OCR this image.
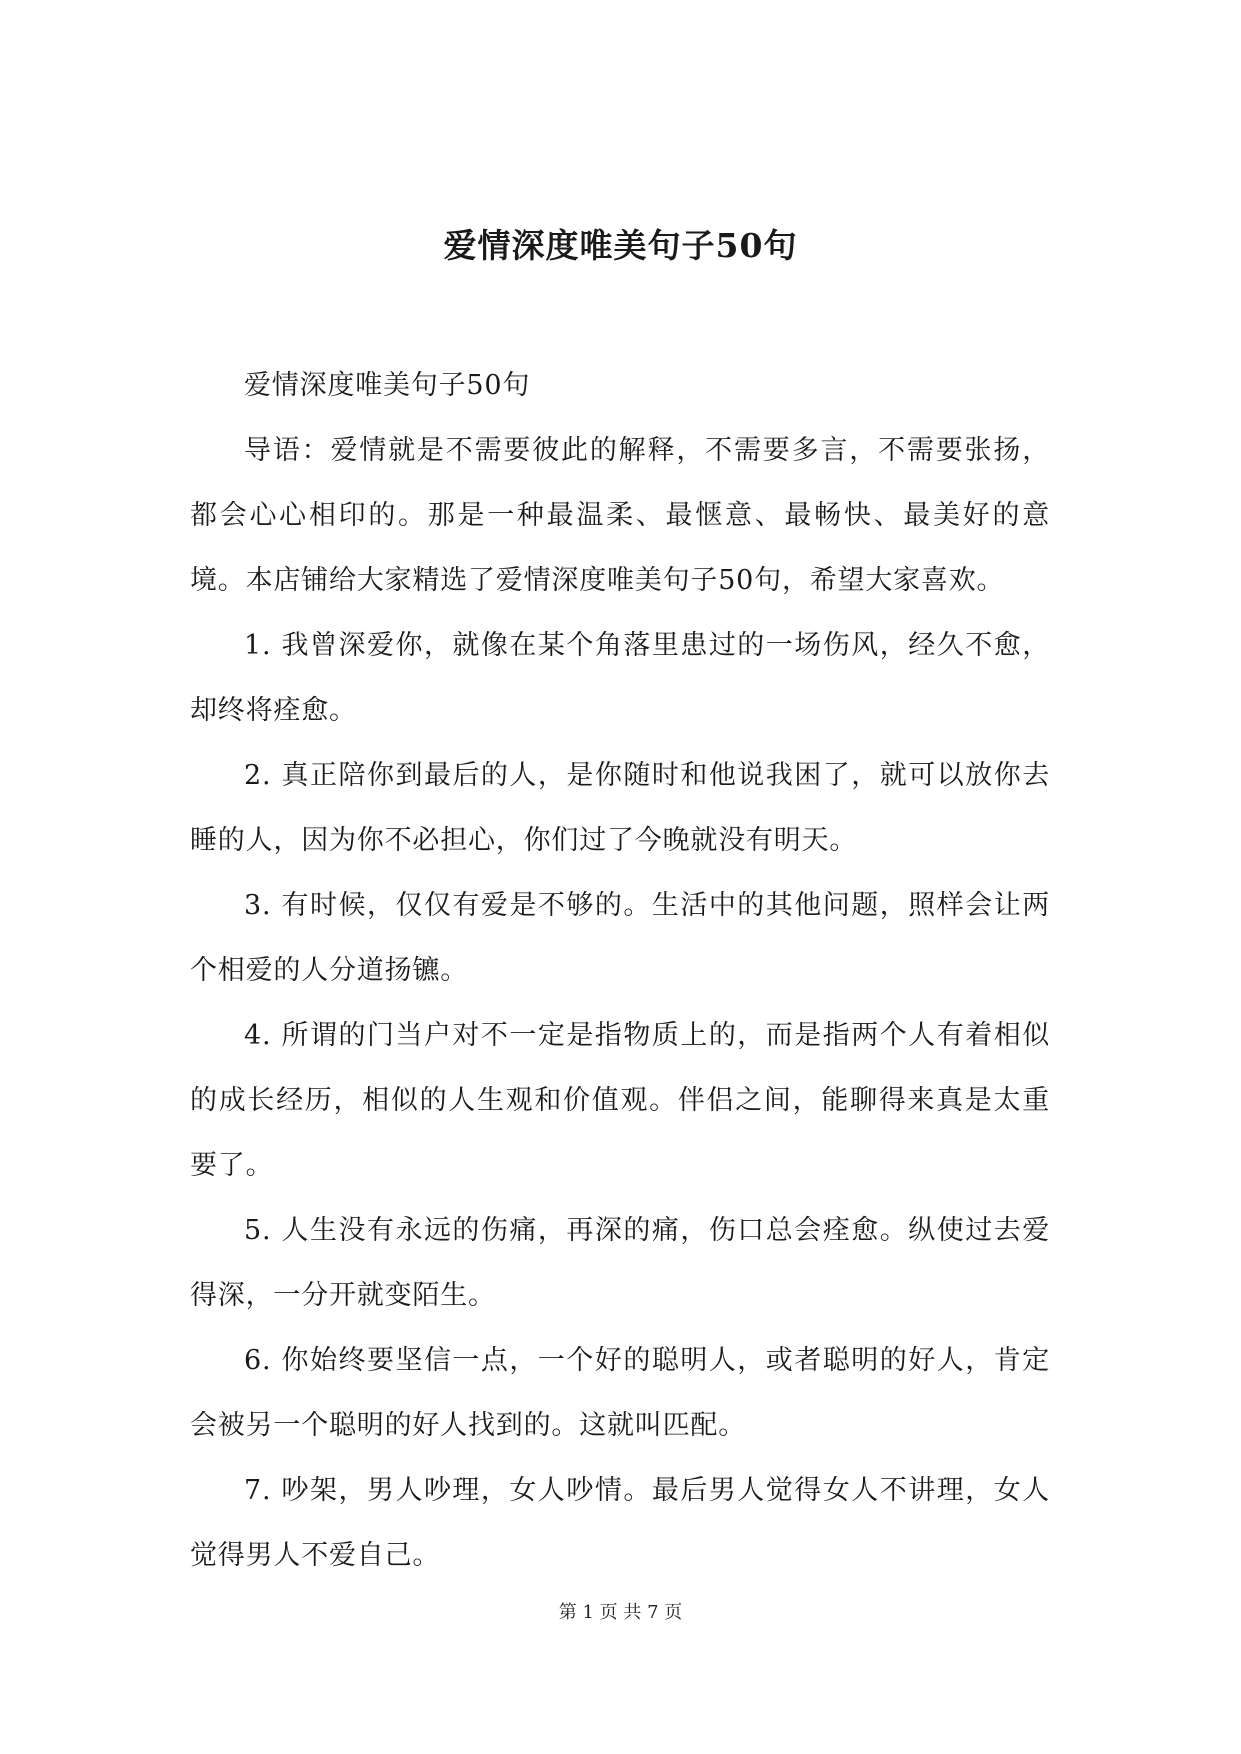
爱情深度唯美句子50句

爱情深度唯美句子50句

导语：爱情就是不需要彼此的解释，不需要多言，不需要张扬，都会心心相印的。那是一种最温柔、最惬意、最畅快、最美好的意境。本店铺给大家精选了爱情深度唯美句子50句，希望大家喜欢。

1. 我曾深爱你，就像在某个角落里患过的一场伤风，经久不愈，却终将痊愈。

2. 真正陪你到最后的人，是你随时和他说我困了，就可以放你去睡的人，因为你不必担心，你们过了今晚就没有明天。

3. 有时候，仅仅有爱是不够的。生活中的其他问题，照样会让两个相爱的人分道扬镳。

4. 所谓的门当户对不一定是指物质上的，而是指两个人有着相似的成长经历，相似的人生观和价值观。伴侣之间，能聊得来真是太重要了。

5. 人生没有永远的伤痛，再深的痛，伤口总会痊愈。纵使过去爱得深，一分开就变陌生。

6. 你始终要坚信一点，一个好的聪明人，或者聪明的好人，肯定会被另一个聪明的好人找到的。这就叫匹配。

7. 吵架，男人吵理，女人吵情。最后男人觉得女人不讲理，女人觉得男人不爱自己。

第 1 页 共 7 页
